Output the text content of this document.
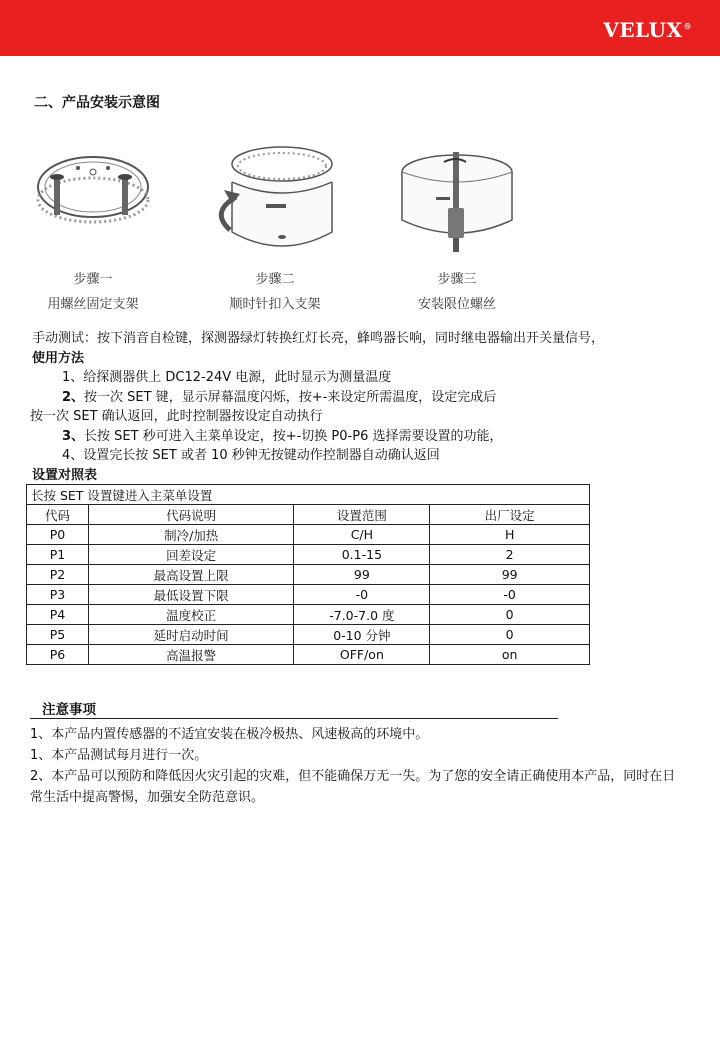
VELUX®
二、产品安装示意图
步骤一
用螺丝固定支架
步骤二
顺时针扣入支架
步骤三
安装限位螺丝

手动测试：按下消音自检键，探测器绿灯转换红灯长亮，蜂鸣器长响，同时继电器输出开关量信号，

使用方法

1、给探测器供上 DC12-24V 电源，此时显示为测量温度

2、按一次 SET 键，显示屏幕温度闪烁，按+-来设定所需温度，设定完成后

按一次 SET 确认返回，此时控制器按设定自动执行

3、长按 SET 秒可进入主菜单设定，按+-切换 P0-P6 选择需要设置的功能，

4、设置完长按 SET 或者 10 秒钟无按键动作控制器自动确认返回

设置对照表

长按 SET 设置键进入主菜单设置			
代码	代码说明	设置范围	出厂设定
P0	制冷/加热	C/H	H
P1	回差设定	0.1-15	2
P2	最高设置上限	99	99
P3	最低设置下限	-0	-0
P4	温度校正	-7.0-7.0 度	0
P5	延时启动时间	0-10 分钟	0
P6	高温报警	OFF/on	on
注意事项

1、本产品内置传感器的不适宜安装在极冷极热、风速极高的环境中。

1、本产品测试每月进行一次。

2、本产品可以预防和降低因火灾引起的灾难，但不能确保万无一失。为了您的安全请正确使用本产品，同时在日常生活中提高警惕，加强安全防范意识。
